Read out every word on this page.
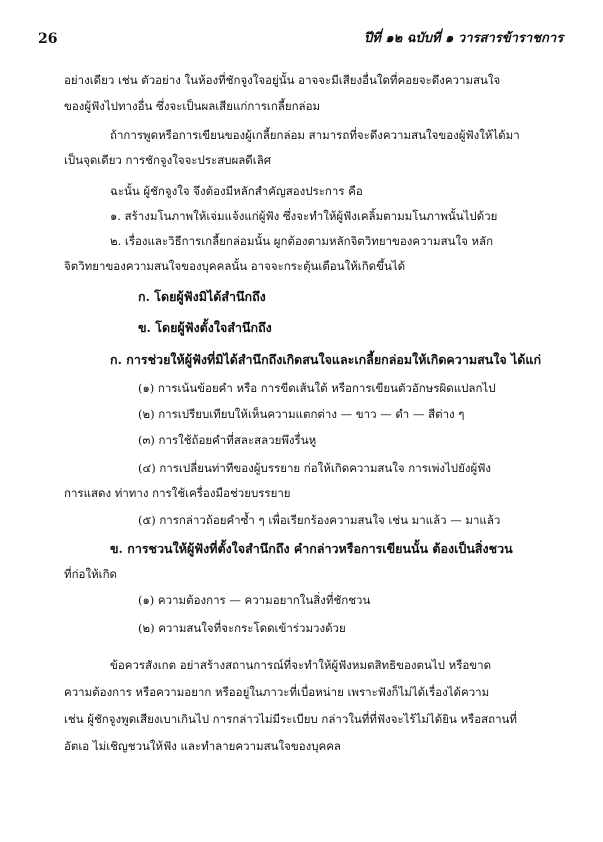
26	ปีที่ ๑๒ ฉบับที่ ๑ วารสารข้าราชการ
อย่างเดียว เช่น ตัวอย่าง ในห้องที่ชักจูงใจอยู่นั้น อาจจะมีเสียงอื่นใดที่คอยจะดึงความสนใจ
ของผู้ฟังไปทางอื่น ซึ่งจะเป็นผลเสียแก่การเกลี้ยกล่อม
ถ้าการพูดหรือการเขียนของผู้เกลี้ยกล่อม สามารถที่จะดึงความสนใจของผู้ฟังให้ได้มา
เป็นจุดเดียว การชักจูงใจจะประสบผลดีเลิศ
ฉะนั้น ผู้ชักจูงใจ จึงต้องมีหลักสำคัญสองประการ คือ
๑. สร้างมโนภาพให้เจ่มแจ้งแก่ผู้ฟัง ซึ่งจะทำให้ผู้ฟังเคลิ้มตามมโนภาพนั้นไปด้วย
๒. เรื่องและวิธีการเกลี้ยกล่อมนั้น ผูกต้องตามหลักจิตวิทยาของความสนใจ หลัก
จิตวิทยาของความสนใจของบุคคลนั้น อาจจะกระตุ้นเตือนให้เกิดขึ้นได้
ก. โดยผู้ฟังมิได้สำนึกถึง
ข. โดยผู้ฟังตั้งใจสำนึกถึง
ก. การช่วยให้ผู้ฟังที่มิได้สำนึกถึงเกิดสนใจและเกลี้ยกล่อมให้เกิดความสนใจ ได้แก่
(๑) การเน้นข้อยคำ หรือ การขีดเส้นใต้ หรือการเขียนตัวอักษรผิดแปลกไป
(๒) การเปรียบเทียบให้เห็นความแตกต่าง — ขาว — ดำ — สีต่าง ๆ
(๓) การใช้ถ้อยคำที่สละสลวยพึงรื่นหู
(๔) การเปลี่ยนท่าทีของผู้บรรยาย ก่อให้เกิดความสนใจ การเพ่งไปยังผู้ฟัง
การแสดง ท่าทาง การใช้เครื่องมือช่วยบรรยาย
(๕) การกล่าวถ้อยคำซ้ำ ๆ เพื่อเรียกร้องความสนใจ เช่น มาแล้ว — มาแล้ว
ข. การชวนให้ผู้ฟังที่ตั้งใจสำนึกถึง คำกล่าวหรือการเขียนนั้น ต้องเป็นสิ่งชวน
ที่ก่อให้เกิด
(๑) ความต้องการ — ความอยากในสิ่งที่ชักชวน
(๒) ความสนใจที่จะกระโดดเข้าร่วมวงด้วย
ข้อควรสังเกต อย่าสร้างสถานการณ์ที่จะทำให้ผู้ฟังหมดสิทธิของตนไป หรือขาด
ความต้องการ หรือความอยาก หรืออยู่ในภาวะที่เบื่อหน่าย เพราะฟังก็ไม่ได้เรื่องได้ความ
เช่น ผู้ชักจูงพูดเสียงเบาเกินไป การกล่าวไม่มีระเบียบ กล่าวในที่ที่ฟังจะไร้ไม่ได้ยิน หรือสถานที่
อัตเอ ไม่เชิญชวนให้ฟัง และทำลายความสนใจของบุคคล
